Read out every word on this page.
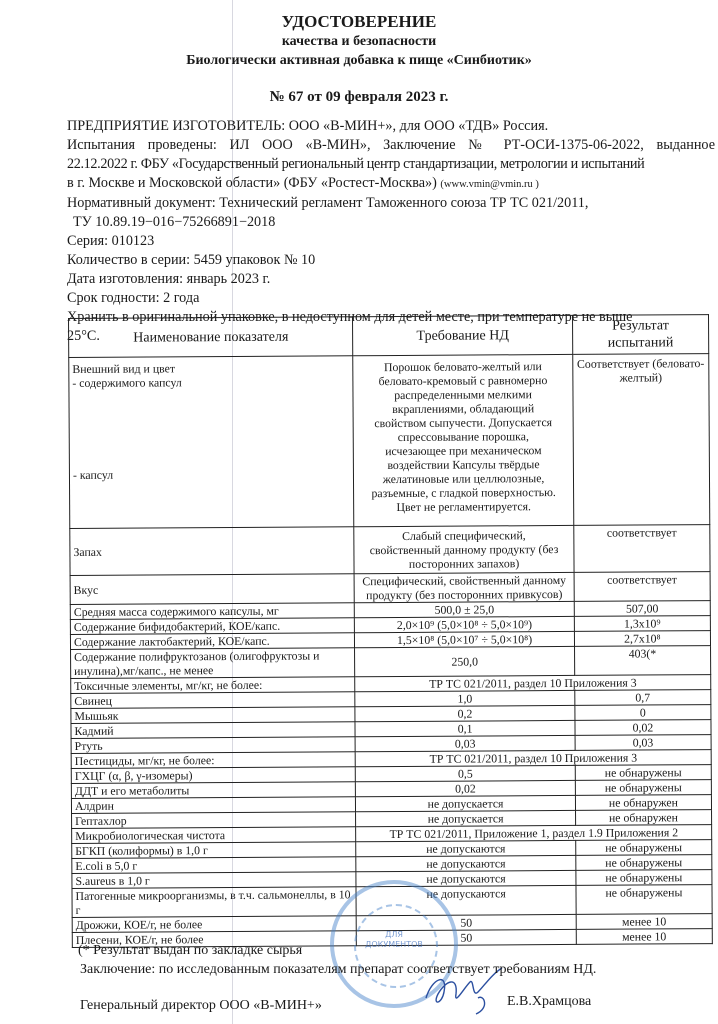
УДОСТОВЕРЕНИЕ
качества и безопасности
Биологически активная добавка к пище «Синбиотик»
№ 67 от 09 февраля 2023 г.
ПРЕДПРИЯТИЕ ИЗГОТОВИТЕЛЬ: ООО «В-МИН+», для ООО «ТДВ» Россия.
Испытания проведены: ИЛ ООО «В-МИН», Заключение № РТ-ОСИ-1375-06-2022, выданное
22.12.2022 г. ФБУ «Государственный региональный центр стандартизации, метрологии и испытаний
в г. Москве и Московской области» (ФБУ «Ростест-Москва») (www.vmin@vmin.ru )
Нормативный документ: Технический регламент Таможенного союза ТР ТС 021/2011,
ТУ 10.89.19−016−75266891−2018
Серия: 010123
Количество в серии: 5459 упаковок № 10
Дата изготовления: январь 2023 г.
Срок годности: 2 года
Хранить в оригинальной упаковке, в недоступном для детей месте, при температуре не выше
25°С.	Наименование показателя	Требование НД	Результат испытаний

Внешний вид и цвет
- содержимого капсул
- капсул
	Порошок беловато-желтый или беловато-кремовый с равномерно распределенными мелкими вкраплениями, обладающий свойством сыпучести. Допускается спрессовывание порошка, исчезающее при механическом воздействии Капсулы твёрдые желатиновые или целлюлозные, разъемные, с гладкой поверхностью. Цвет не регламентируется.	Соответствует (беловато-желтый)
Запах	Слабый специфический, свойственный данному продукту (без посторонних запахов)	соответствует
Вкус	Специфический, свойственный данному продукту (без посторонних привкусов)	соответствует
Средняя масса содержимого капсулы, мг	500,0 ± 25,0	507,00
Содержание бифидобактерий, КОЕ/капс.	2,0×10⁹ (5,0×10⁸ ÷ 5,0×10⁹)	1,3х10⁹
Содержание лактобактерий, КОЕ/капс.	1,5×10⁸ (5,0×10⁷ ÷ 5,0×10⁸)	2,7х10⁸
Содержание полифруктозанов (олигофруктозы и инулина),мг/капс., не менее	250,0	403(*
Токсичные элементы, мг/кг, не более:	ТР ТС 021/2011, раздел 10 Приложения 3	
Свинец	1,0	0,7
Мышьяк	0,2	0
Кадмий	0,1	0,02
Ртуть	0,03	0,03
Пестициды, мг/кг, не более:	ТР ТС 021/2011, раздел 10 Приложения 3	
ГХЦГ (α, β, γ-изомеры)	0,5	не обнаружены
ДДТ и его метаболиты	0,02	не обнаружены
Алдрин	не допускается	не обнаружен
Гептахлор	не допускается	не обнаружен
Микробиологическая чистота	ТР ТС 021/2011, Приложение 1, раздел 1.9 Приложения 2	
БГКП (колиформы) в 1,0 г	не допускаются	не обнаружены
E.coli в 5,0 г	не допускаются	не обнаружены
S.aureus в 1,0 г	не допускаются	не обнаружены
Патогенные микроорганизмы, в т.ч. сальмонеллы, в 10 г	не допускаются	не обнаружены
Дрожжи, КОЕ/г, не более	50	менее 10
Плесени, КОЕ/г, не более	50	менее 10
ДЛЯ
ДОКУМЕНТОВ
(* Результат выдан по закладке сырья
Заключение: по исследованным показателям препарат соответствует требованиям НД.
Генеральный директор ООО «В-МИН+»	Е.В.Храмцова
